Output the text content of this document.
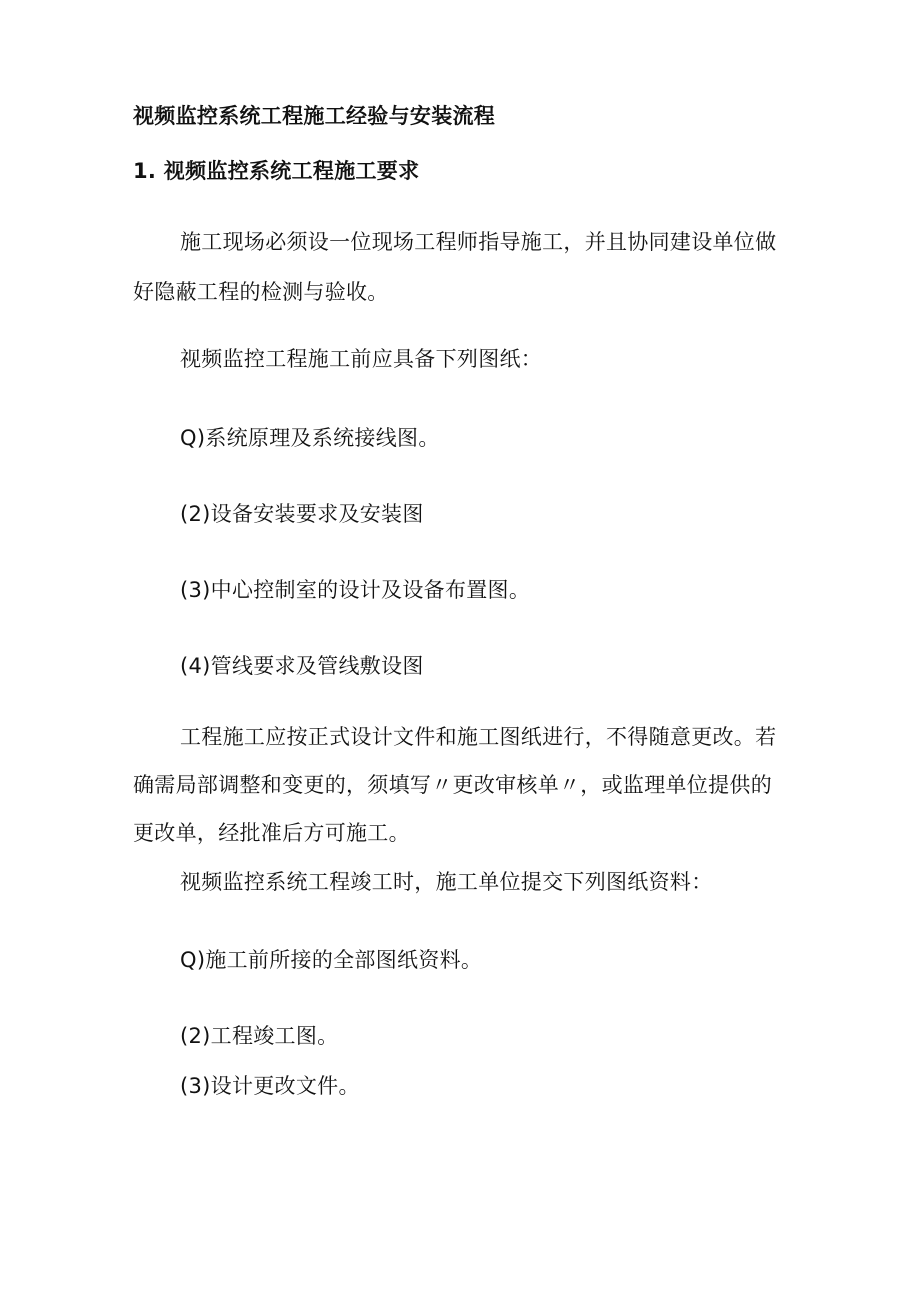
视频监控系统工程施工经验与安装流程
1. 视频监控系统工程施工要求
施工现场必须设一位现场工程师指导施工，并且协同建设单位做
好隐蔽工程的检测与验收。
视频监控工程施工前应具备下列图纸：
Q)系统原理及系统接线图。
(2)设备安装要求及安装图
(3)中心控制室的设计及设备布置图。
(4)管线要求及管线敷设图
工程施工应按正式设计文件和施工图纸进行，不得随意更改。若
确需局部调整和变更的，须填写〃更改审核单〃，或监理单位提供的
更改单，经批准后方可施工。
视频监控系统工程竣工时，施工单位提交下列图纸资料：
Q)施工前所接的全部图纸资料。
(2)工程竣工图。
(3)设计更改文件。
